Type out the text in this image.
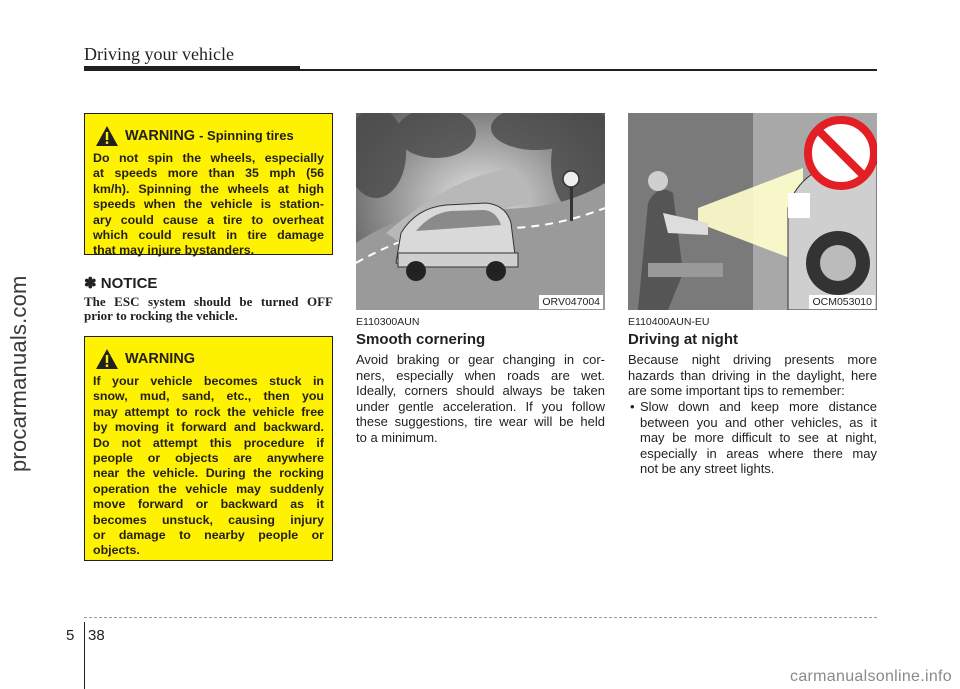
Driving your vehicle
procarmanuals.com
carmanualsonline.info
WARNING - Spinning tires
Do not spin the wheels, especially
at speeds more than 35 mph (56
km/h). Spinning the wheels at high
speeds when the vehicle is station-
ary could cause a tire to overheat
which could result in tire damage
that may injure bystanders.
✽ NOTICE
The ESC system should be turned OFF
prior to rocking the vehicle.
WARNING
If your vehicle becomes stuck in
snow, mud, sand, etc., then you
may attempt to rock the vehicle free
by moving it forward and backward.
Do not attempt this procedure if
people or objects are anywhere
near the vehicle. During the rocking
operation the vehicle may suddenly
move forward or backward as it
becomes unstuck, causing injury
or damage to nearby people or
objects.
ORV047004	OCM053010
E110300AUN
Smooth cornering
Avoid braking or gear changing in cor-
ners, especially when roads are wet.
Ideally, corners should always be taken
under gentle acceleration. If you follow
these suggestions, tire wear will be held
to a minimum.
E110400AUN-EU
Driving at night
Because night driving presents more
hazards than driving in the daylight, here
are some important tips to remember:
• Slow down and keep more distance
between you and other vehicles, as it
may be more difficult to see at night,
especially in areas where there may
not be any street lights.
5 38
